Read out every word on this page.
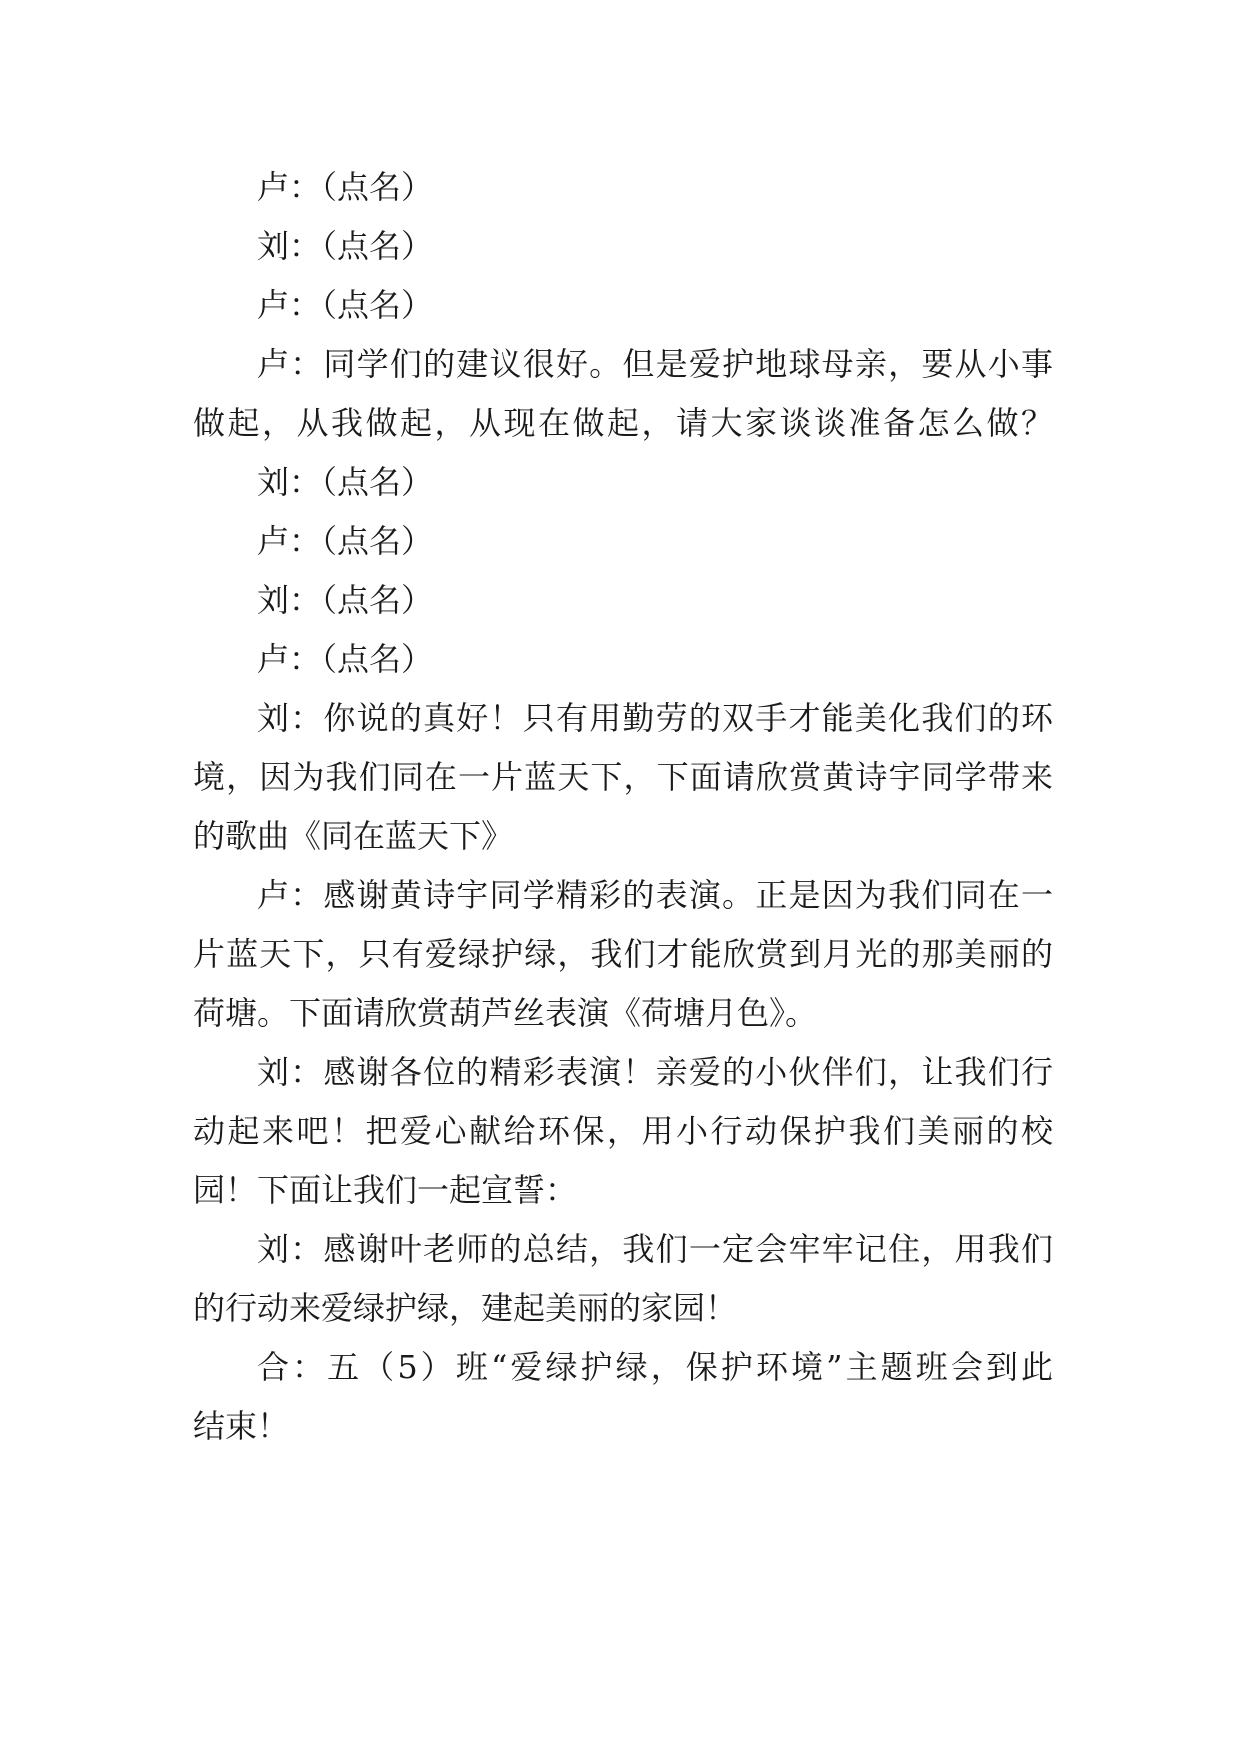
卢：（点名）
刘：（点名）
卢：（点名）
卢：同学们的建议很好。但是爱护地球母亲，要从小事
做起，从我做起，从现在做起，请大家谈谈准备怎么做？
刘：（点名）
卢：（点名）
刘：（点名）
卢：（点名）
刘：你说的真好！只有用勤劳的双手才能美化我们的环
境，因为我们同在一片蓝天下，下面请欣赏黄诗宇同学带来
的歌曲《同在蓝天下》
卢：感谢黄诗宇同学精彩的表演。正是因为我们同在一
片蓝天下，只有爱绿护绿，我们才能欣赏到月光的那美丽的
荷塘。下面请欣赏葫芦丝表演《荷塘月色》。
刘：感谢各位的精彩表演！亲爱的小伙伴们，让我们行
动起来吧！把爱心献给环保，用小行动保护我们美丽的校
园！下面让我们一起宣誓：
刘：感谢叶老师的总结，我们一定会牢牢记住，用我们
的行动来爱绿护绿，建起美丽的家园！
合：五（5）班“爱绿护绿，保护环境”主题班会到此
结束！
